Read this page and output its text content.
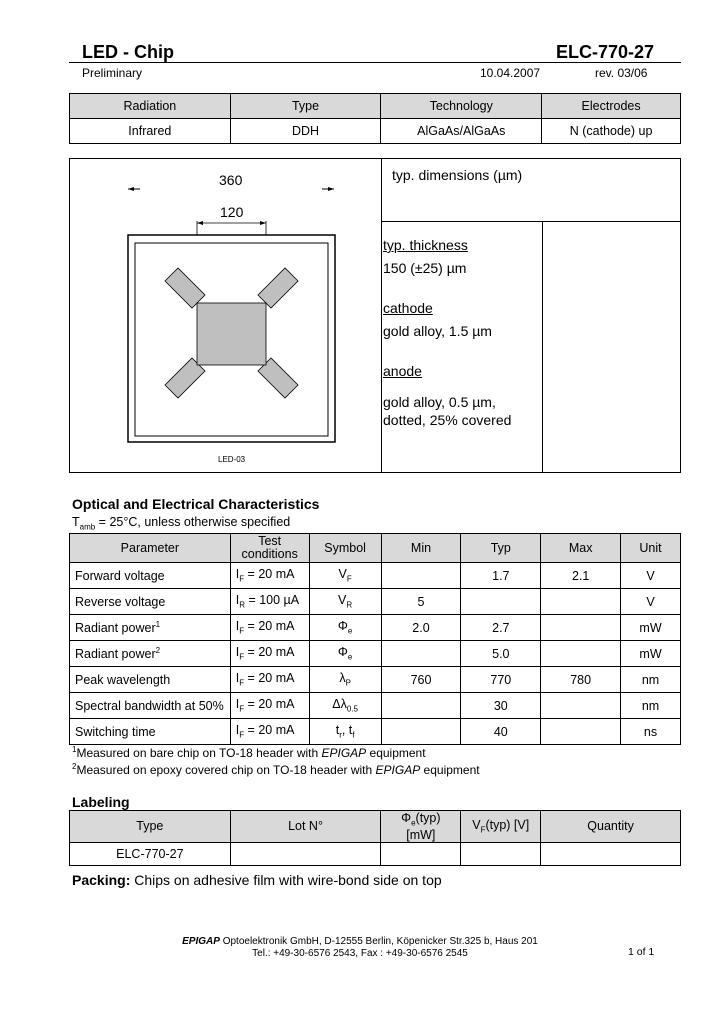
LED - Chip	ELC-770-27
Preliminary	10.04.2007	rev. 03/06
Radiation	Type	Technology	Electrodes
Infrared	DDH	AlGaAs/AlGaAs	N (cathode) up
360
120
LED-03
typ. dimensions (µm)
typ. thickness
150 (±25) µm
cathode
gold alloy, 1.5 µm
anode
gold alloy, 0.5 µm,
dotted, 25% covered
Optical and Electrical Characteristics
$T_{amb} = 25^\circ C$, unless otherwise specified
Parameter	Test conditions	Symbol	Min	Typ	Max	Unit
Forward voltage	$I_F = 20$ mA	$V_F$		1.7	2.1	V
Reverse voltage	$I_R = 100$ µA	$V_R$	5			V
Radiant power$^1$	$I_F = 20$ mA	$\Phi_e$	2.0	2.7		mW
Radiant power$^2$	$I_F = 20$ mA	$\Phi_e$		5.0		mW
Peak wavelength	$I_F = 20$ mA	$\lambda_P$	760	770	780	nm
Spectral bandwidth at 50%	$I_F = 20$ mA	$\Delta\lambda_{0.5}$		30		nm
Switching time	$I_F = 20$ mA	$t_r$, $t_f$		40		ns
$^1$Measured on bare chip on TO-18 header with EPIGAP equipment
$^2$Measured on epoxy covered chip on TO-18 header with EPIGAP equipment
Labeling
Type	Lot N°	$\Phi_e(typ)$ [mW]	$V_F(typ)$ [V]	Quantity
ELC-770-27				
Packing: Chips on adhesive film with wire-bond side on top
EPIGAP Optoelektronik GmbH, D-12555 Berlin, Köpenicker Str.325 b, Haus 201
Tel.: +49-30-6576 2543, Fax : +49-30-6576 2545	1 of 1
